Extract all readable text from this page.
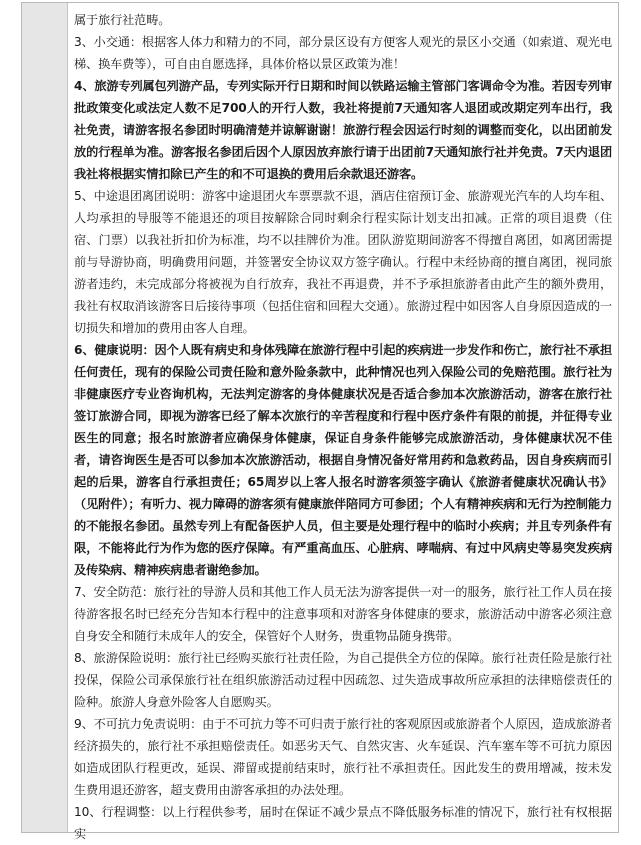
属于旅行社范畴。

3、小交通：根据客人体力和精力的不同，部分景区设有方便客人观光的景区小交通（如索道、观光电梯、换车费等），可自由自愿选择，具体价格以景区政策为准！

4、旅游专列属包列游产品，专列实际开行日期和时间以铁路运输主管部门客调命令为准。若因专列审批政策变化或法定人数不足700人的开行人数，我社将提前7天通知客人退团或改期定列车出行，我社免责，请游客报名参团时明确清楚并谅解谢谢！旅游行程会因运行时刻的调整而变化，以出团前发放的行程单为准。游客报名参团后因个人原因放弃旅行请于出团前7天通知旅行社并免责。7天内退团我社将根据实情扣除已产生的和不可退换的费用后余款退还游客。

5、中途退团离团说明：游客中途退团火车票票款不退，酒店住宿预订金、旅游观光汽车的人均车租、人均承担的导服等不能退还的项目按解除合同时剩余行程实际计划支出扣减。正常的项目退费（住宿、门票）以我社折扣价为标准，均不以挂牌价为准。团队游览期间游客不得擅自离团，如离团需提前与导游协商，明确费用问题，并签署安全协议双方签字确认。行程中未经协商的擅自离团，视同旅游者违约，未完成部分将被视为自行放弃，我社不再退费，并不予承担旅游者由此产生的额外费用，我社有权取消该游客日后接待事项（包括住宿和回程大交通）。旅游过程中如因客人自身原因造成的一切损失和增加的费用由客人自理。

6、健康说明：因个人既有病史和身体残障在旅游行程中引起的疾病进一步发作和伤亡，旅行社不承担任何责任，现有的保险公司责任险和意外险条款中，此种情况也列入保险公司的免赔范围。旅行社为非健康医疗专业咨询机构，无法判定游客的身体健康状况是否适合参加本次旅游活动，游客在旅行社签订旅游合同，即视为游客已经了解本次旅行的辛苦程度和行程中医疗条件有限的前提，并征得专业医生的同意；报名时旅游者应确保身体健康，保证自身条件能够完成旅游活动，身体健康状况不佳者，请咨询医生是否可以参加本次旅游活动，根据自身情况备好常用药和急救药品，因自身疾病而引起的后果，游客自行承担责任；65周岁以上客人报名时游客须签字确认《旅游者健康状况确认书》（见附件）；有听力、视力障碍的游客须有健康旅伴陪同方可参团；个人有精神疾病和无行为控制能力的不能报名参团。虽然专列上有配备医护人员，但主要是处理行程中的临时小疾病；并且专列条件有限，不能将此行为作为您的医疗保障。有严重高血压、心脏病、哮喘病、有过中风病史等易突发疾病及传染病、精神疾病患者谢绝参加。

7、安全防范：旅行社的导游人员和其他工作人员无法为游客提供一对一的服务，旅行社工作人员在接待游客报名时已经充分告知本行程中的注意事项和对游客身体健康的要求，旅游活动中游客必须注意自身安全和随行未成年人的安全，保管好个人财务，贵重物品随身携带。

8、旅游保险说明：旅行社已经购买旅行社责任险，为自己提供全方位的保障。旅行社责任险是旅行社投保，保险公司承保旅行社在组织旅游活动过程中因疏忽、过失造成事故所应承担的法律赔偿责任的险种。旅游人身意外险客人自愿购买。

9、不可抗力免责说明：由于不可抗力等不可归责于旅行社的客观原因或旅游者个人原因，造成旅游者经济损失的，旅行社不承担赔偿责任。如恶劣天气、自然灾害、火车延误、汽车塞车等不可抗力原因如造成团队行程更改，延误、滞留或提前结束时，旅行社不承担责任。因此发生的费用增减，按未发生费用退还游客，超支费用由游客承担的办法处理。

10、行程调整：以上行程供参考，届时在保证不减少景点不降低服务标准的情况下，旅行社有权根据实
